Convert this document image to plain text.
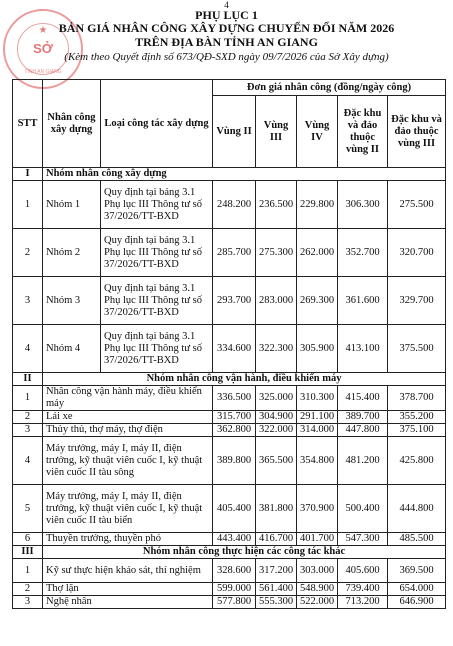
4
★
SỞ
TỈNH AN GIANG
PHỤ LỤC 1
BẢN GIÁ NHÂN CÔNG XÂY DỰNG CHUYỂN ĐỔI NĂM 2026
TRÊN ĐỊA BÀN TỈNH AN GIANG
(Kèm theo Quyết định số 673/QĐ-SXD ngày 09/7/2026 của Sở Xây dựng)
STT	Nhân công xây dựng	Loại công tác xây dựng	Đơn giá nhân công (đồng/ngày công)				
			Vùng II	Vùng III	Vùng IV	Đặc khu và đảo thuộc vùng II	Đặc khu và đảo thuộc vùng III
I	Nhóm nhân công xây dựng						
1	Nhóm 1	Quy định tại bảng 3.1 Phụ lục III Thông tư số 37/2026/TT-BXD	248.200	236.500	229.800	306.300	275.500
2	Nhóm 2	Quy định tại bảng 3.1 Phụ lục III Thông tư số 37/2026/TT-BXD	285.700	275.300	262.000	352.700	320.700
3	Nhóm 3	Quy định tại bảng 3.1 Phụ lục III Thông tư số 37/2026/TT-BXD	293.700	283.000	269.300	361.600	329.700
4	Nhóm 4	Quy định tại bảng 3.1 Phụ lục III Thông tư số 37/2026/TT-BXD	334.600	322.300	305.900	413.100	375.500
II	Nhóm nhân công vận hành, điều khiển máy						
1	Nhân công vận hành máy, điều khiển máy		336.500	325.000	310.300	415.400	378.700
2	Lái xe		315.700	304.900	291.100	389.700	355.200
3	Thủy thủ, thợ máy, thợ điện		362.800	322.000	314.000	447.800	375.100
4	Máy trưởng, máy I, máy II, điện trưởng, kỹ thuật viên cuốc I, kỹ thuật viên cuốc II tàu sông		389.800	365.500	354.800	481.200	425.800
5	Máy trưởng, máy I, máy II, điện trưởng, kỹ thuật viên cuốc I, kỹ thuật viên cuốc II tàu biển		405.400	381.800	370.900	500.400	444.800
6	Thuyền trưởng, thuyền phó		443.400	416.700	401.700	547.300	485.500
III	Nhóm nhân công thực hiện các công tác khác						
1	Kỹ sư thực hiện khảo sát, thí nghiệm		328.600	317.200	303.000	405.600	369.500
2	Thợ lặn		599.000	561.400	548.900	739.400	654.000
3	Nghệ nhân		577.800	555.300	522.000	713.200	646.900
